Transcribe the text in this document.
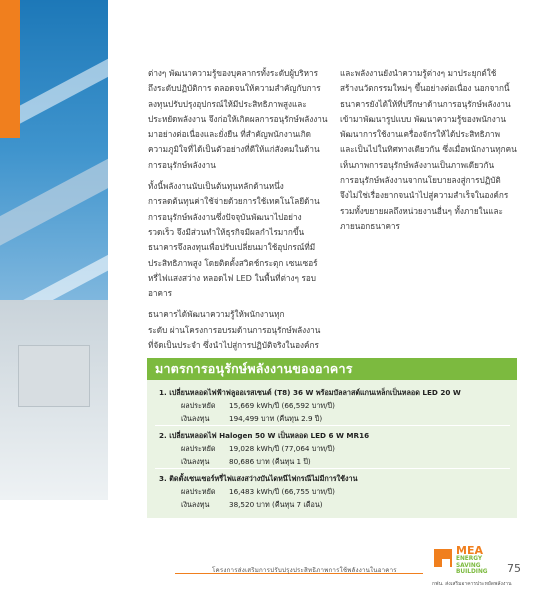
ต่างๆ พัฒนาความรู้ของบุคลากรทั้งระดับผู้บริหาร
ถึงระดับปฏิบัติการ ตลอดจนให้ความสำคัญกับการ
ลงทุนปรับปรุงอุปกรณ์ให้มีประสิทธิภาพสูงและ
ประหยัดพลังงาน จึงก่อให้เกิดผลการอนุรักษ์พลังงาน
มาอย่างต่อเนื่องและยั่งยืน ที่สำคัญพนักงานเกิด
ความภูมิใจที่ได้เป็นตัวอย่างที่ดีให้แก่สังคมในด้าน
การอนุรักษ์พลังงาน

ทั้งนี้พลังงานนับเป็นต้นทุนหลักด้านหนึ่ง
การลดต้นทุนค่าใช้จ่ายด้วยการใช้เทคโนโลยีด้าน
การอนุรักษ์พลังงานซึ่งปัจจุบันพัฒนาไปอย่าง
รวดเร็ว จึงมีส่วนทำให้ธุรกิจมีผลกำไรมากขึ้น
ธนาคารจึงลงทุนเพื่อปรับเปลี่ยนมาใช้อุปกรณ์ที่มี
ประสิทธิภาพสูง โดยติดตั้งสวิตช์กระตุก เซนเซอร์
หรี่ไฟแสงสว่าง หลอดไฟ LED ในพื้นที่ต่างๆ รอบ
อาคาร

ธนาคารได้พัฒนาความรู้ให้พนักงานทุก
ระดับ ผ่านโครงการอบรมด้านการอนุรักษ์พลังงาน
ที่จัดเป็นประจำ ซึ่งนำไปสู่การปฏิบัติจริงในองค์กร

และพลังงานยังนำความรู้ต่างๆ มาประยุกต์ใช้
สร้างนวัตกรรมใหม่ๆ ขึ้นอย่างต่อเนื่อง นอกจากนี้
ธนาคารยังได้ให้ที่ปรึกษาด้านการอนุรักษ์พลังงาน
เข้ามาพัฒนารูปแบบ พัฒนาความรู้ของพนักงาน
พัฒนาการใช้งานเครื่องจักรให้ได้ประสิทธิภาพ
และเป็นไปในทิศทางเดียวกัน ซึ่งเมื่อพนักงานทุกคน
เห็นภาพการอนุรักษ์พลังงานเป็นภาพเดียวกัน
การอนุรักษ์พลังงานจากนโยบายลงสู่การปฏิบัติ
จึงไม่ใช่เรื่องยากจนนำไปสู่ความสำเร็จในองค์กร
รวมทั้งขยายผลถึงหน่วยงานอื่นๆ ทั้งภายในและ
ภายนอกธนาคาร

มาตรการอนุรักษ์พลังงานของอาคาร
1. เปลี่ยนหลอดไฟฟ้าฟลูออเรสเซนต์ (T8) 36 W พร้อมบัลลาสต์แกนเหล็กเป็นหลอด LED 20 W
ผลประหยัด 15,669 kWh/ปี (66,592 บาท/ปี)
เงินลงทุน	194,499 บาท (คืนทุน 2.9 ปี)
2. เปลี่ยนหลอดไฟ Halogen 50 W เป็นหลอด LED 6 W MR16
ผลประหยัด 19,028 kWh/ปี (77,064 บาท/ปี)
เงินลงทุน	80,686 บาท (คืนทุน 1 ปี)
3. ติดตั้งเซนเซอร์หรี่ไฟแสงสว่างบันไดหนีไฟกรณีไม่มีการใช้งาน
ผลประหยัด 16,483 kWh/ปี (66,755 บาท/ปี)
เงินลงทุน	38,520 บาท (คืนทุน 7 เดือน)
โครงการส่งเสริมการปรับปรุงประสิทธิภาพการใช้พลังงานในอาคาร	75
MEA
ENERGY
SAVING
BUILDING
กฟน. ส่งเสริมอาคารประหยัดพลังงาน
